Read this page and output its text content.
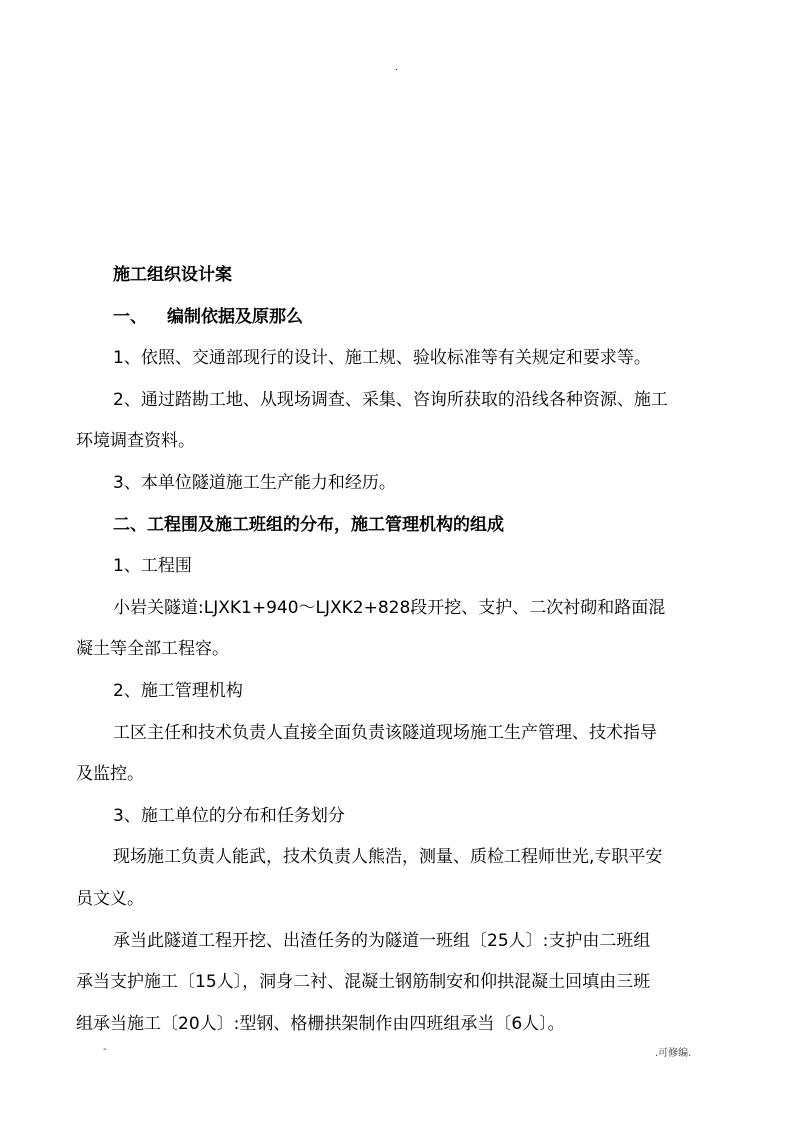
.
施工组织设计案
一、 编制依据及原那么
1、依照、交通部现行的设计、施工规、验收标准等有关规定和要求等。
2、通过踏勘工地、从现场调查、采集、咨询所获取的沿线各种资源、施工
环境调查资料。
3、本单位隧道施工生产能力和经历。
二、工程围及施工班组的分布，施工管理机构的组成
1、工程围
小岩关隧道:LJXK1+940～LJXK2+828段开挖、支护、二次衬砌和路面混
凝土等全部工程容。
2、施工管理机构
工区主任和技术负责人直接全面负责该隧道现场施工生产管理、技术指导
及监控。
3、施工单位的分布和任务划分
现场施工负责人能武，技术负责人熊浩，测量、质检工程师世光,专职平安
员文义。
承当此隧道工程开挖、出渣任务的为隧道一班组〔25人〕:支护由二班组
承当支护施工〔15人〕，洞身二衬、混凝土钢筋制安和仰拱混凝土回填由三班
组承当施工〔20人〕:型钢、格栅拱架制作由四班组承当〔6人〕。
-	.可修编.
